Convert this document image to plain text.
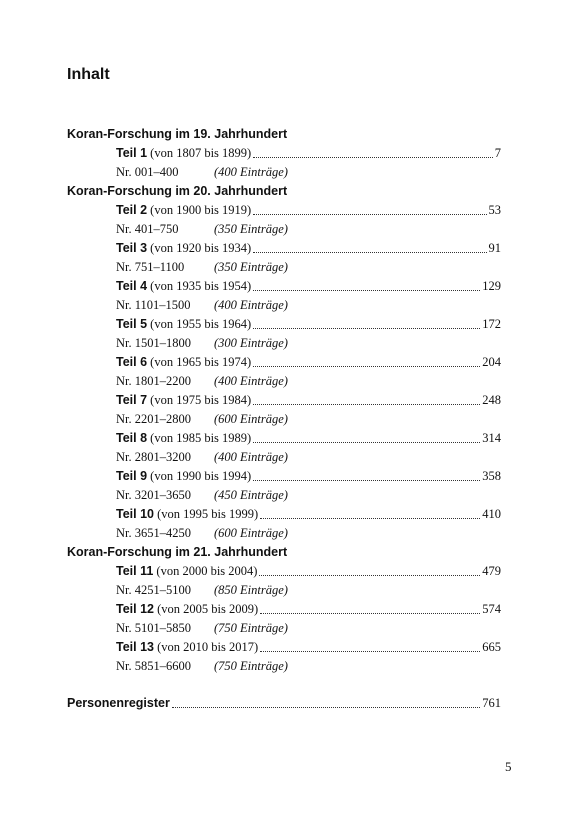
Inhalt
Koran-Forschung im 19. Jahrhundert
Teil 1 (von 1807 bis 1899)	7
Nr. 001–400	(400 Einträge)
Koran-Forschung im 20. Jahrhundert
Teil 2 (von 1900 bis 1919)	53
Nr. 401–750	(350 Einträge)
Teil 3 (von 1920 bis 1934)	91
Nr. 751–1100 (350 Einträge)
Teil 4 (von 1935 bis 1954)	129
Nr. 1101–1500 (400 Einträge)
Teil 5 (von 1955 bis 1964)	172
Nr. 1501–1800 (300 Einträge)
Teil 6 (von 1965 bis 1974)	204
Nr. 1801–2200 (400 Einträge)
Teil 7 (von 1975 bis 1984)	248
Nr. 2201–2800 (600 Einträge)
Teil 8 (von 1985 bis 1989)	314
Nr. 2801–3200 (400 Einträge)
Teil 9 (von 1990 bis 1994)	358
Nr. 3201–3650 (450 Einträge)
Teil 10 (von 1995 bis 1999)	410
Nr. 3651–4250 (600 Einträge)
Koran-Forschung im 21. Jahrhundert
Teil 11 (von 2000 bis 2004)	479
Nr. 4251–5100 (850 Einträge)
Teil 12 (von 2005 bis 2009)	574
Nr. 5101–5850 (750 Einträge)
Teil 13 (von 2010 bis 2017)	665
Nr. 5851–6600 (750 Einträge)
Personenregister	761
5
